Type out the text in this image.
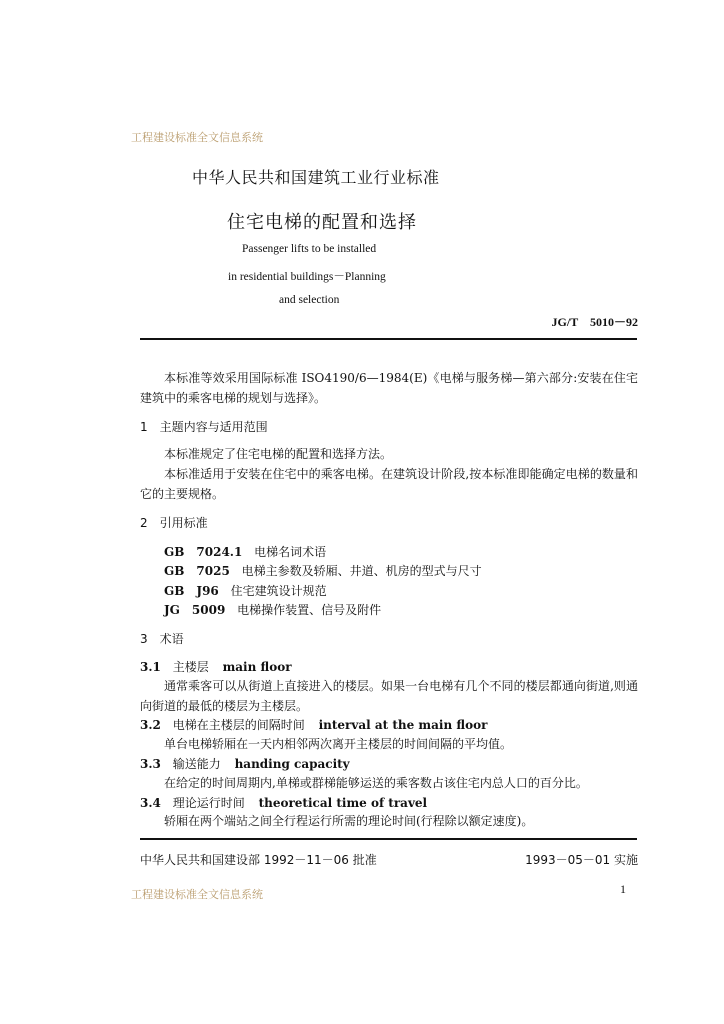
工程建设标准全文信息系统
中华人民共和国建筑工业行业标准
住宅电梯的配置和选择
Passenger lifts to be installed
in residential buildings－Planning
and selection
JG/T　5010－92
本标准等效采用国际标准 ISO4190/6—1984(E)《电梯与服务梯—第六部分:安装在住宅建筑中的乘客电梯的规划与选择》。
1　主题内容与适用范围
本标准规定了住宅电梯的配置和选择方法。
本标准适用于安装在住宅中的乘客电梯。在建筑设计阶段,按本标准即能确定电梯的数量和它的主要规格。
2　引用标准
GB　7024.1 电梯名词术语
GB　7025 电梯主参数及轿厢、井道、机房的型式与尺寸
GB　J96 住宅建筑设计规范
JG　5009 电梯操作装置、信号及附件
3　术语
3.1 主楼层 main floor
通常乘客可以从街道上直接进入的楼层。如果一台电梯有几个不同的楼层都通向街道,则通向街道的最低的楼层为主楼层。
3.2 电梯在主楼层的间隔时间 interval at the main floor
单台电梯轿厢在一天内相邻两次离开主楼层的时间间隔的平均值。
3.3 输送能力 handing capacity
在给定的时间周期内,单梯或群梯能够运送的乘客数占该住宅内总人口的百分比。
3.4 理论运行时间 theoretical time of travel
轿厢在两个端站之间全行程运行所需的理论时间(行程除以额定速度)。
中华人民共和国建设部 1992－11－06 批准	1993－05－01 实施
工程建设标准全文信息系统	1
